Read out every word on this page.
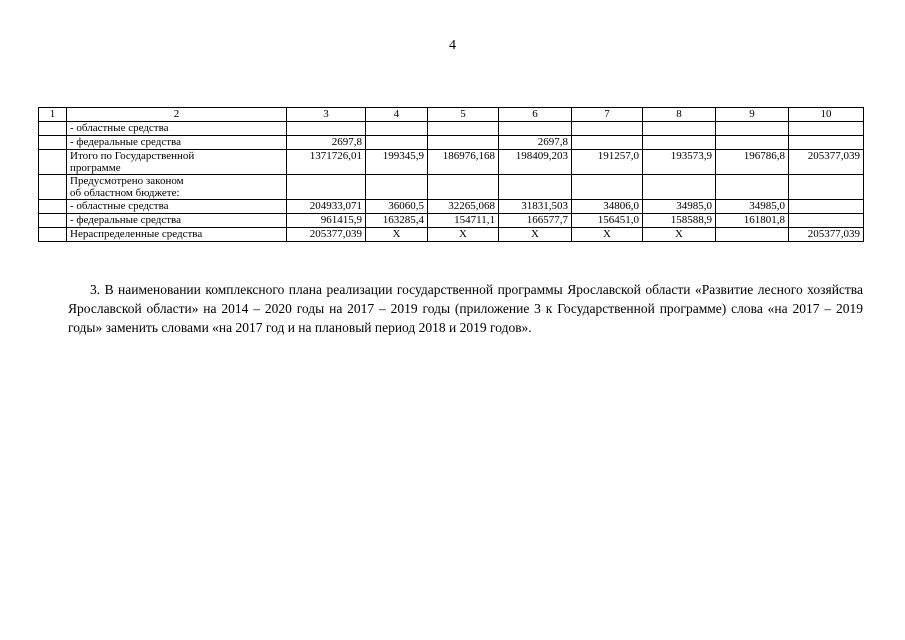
4
1	2	3	4	5	6	7	8	9	10

	- областные средства								

	- федеральные средства	2697,8			2697,8				

	Итого по Государственной
программе	1371726,01	199345,9	186976,168	198409,203	191257,0	193573,9	196786,8	205377,039

	Предусмотрено законом
об областном бюджете:								

	- областные средства	204933,071	36060,5	32265,068	31831,503	34806,0	34985,0	34985,0	

	- федеральные средства	961415,9	163285,4	154711,1	166577,7	156451,0	158588,9	161801,8	

	Нераспределенные средства	205377,039	Х	Х	Х	Х	Х		205377,039
3. В наименовании комплексного плана реализации государственной программы Ярославской области «Развитие лесного хозяйства Ярославской области» на 2014 – 2020 годы на 2017 – 2019 годы (приложение 3 к Государственной программе) слова «на 2017 – 2019 годы» заменить словами «на 2017 год и на плановый период 2018 и 2019 годов».
